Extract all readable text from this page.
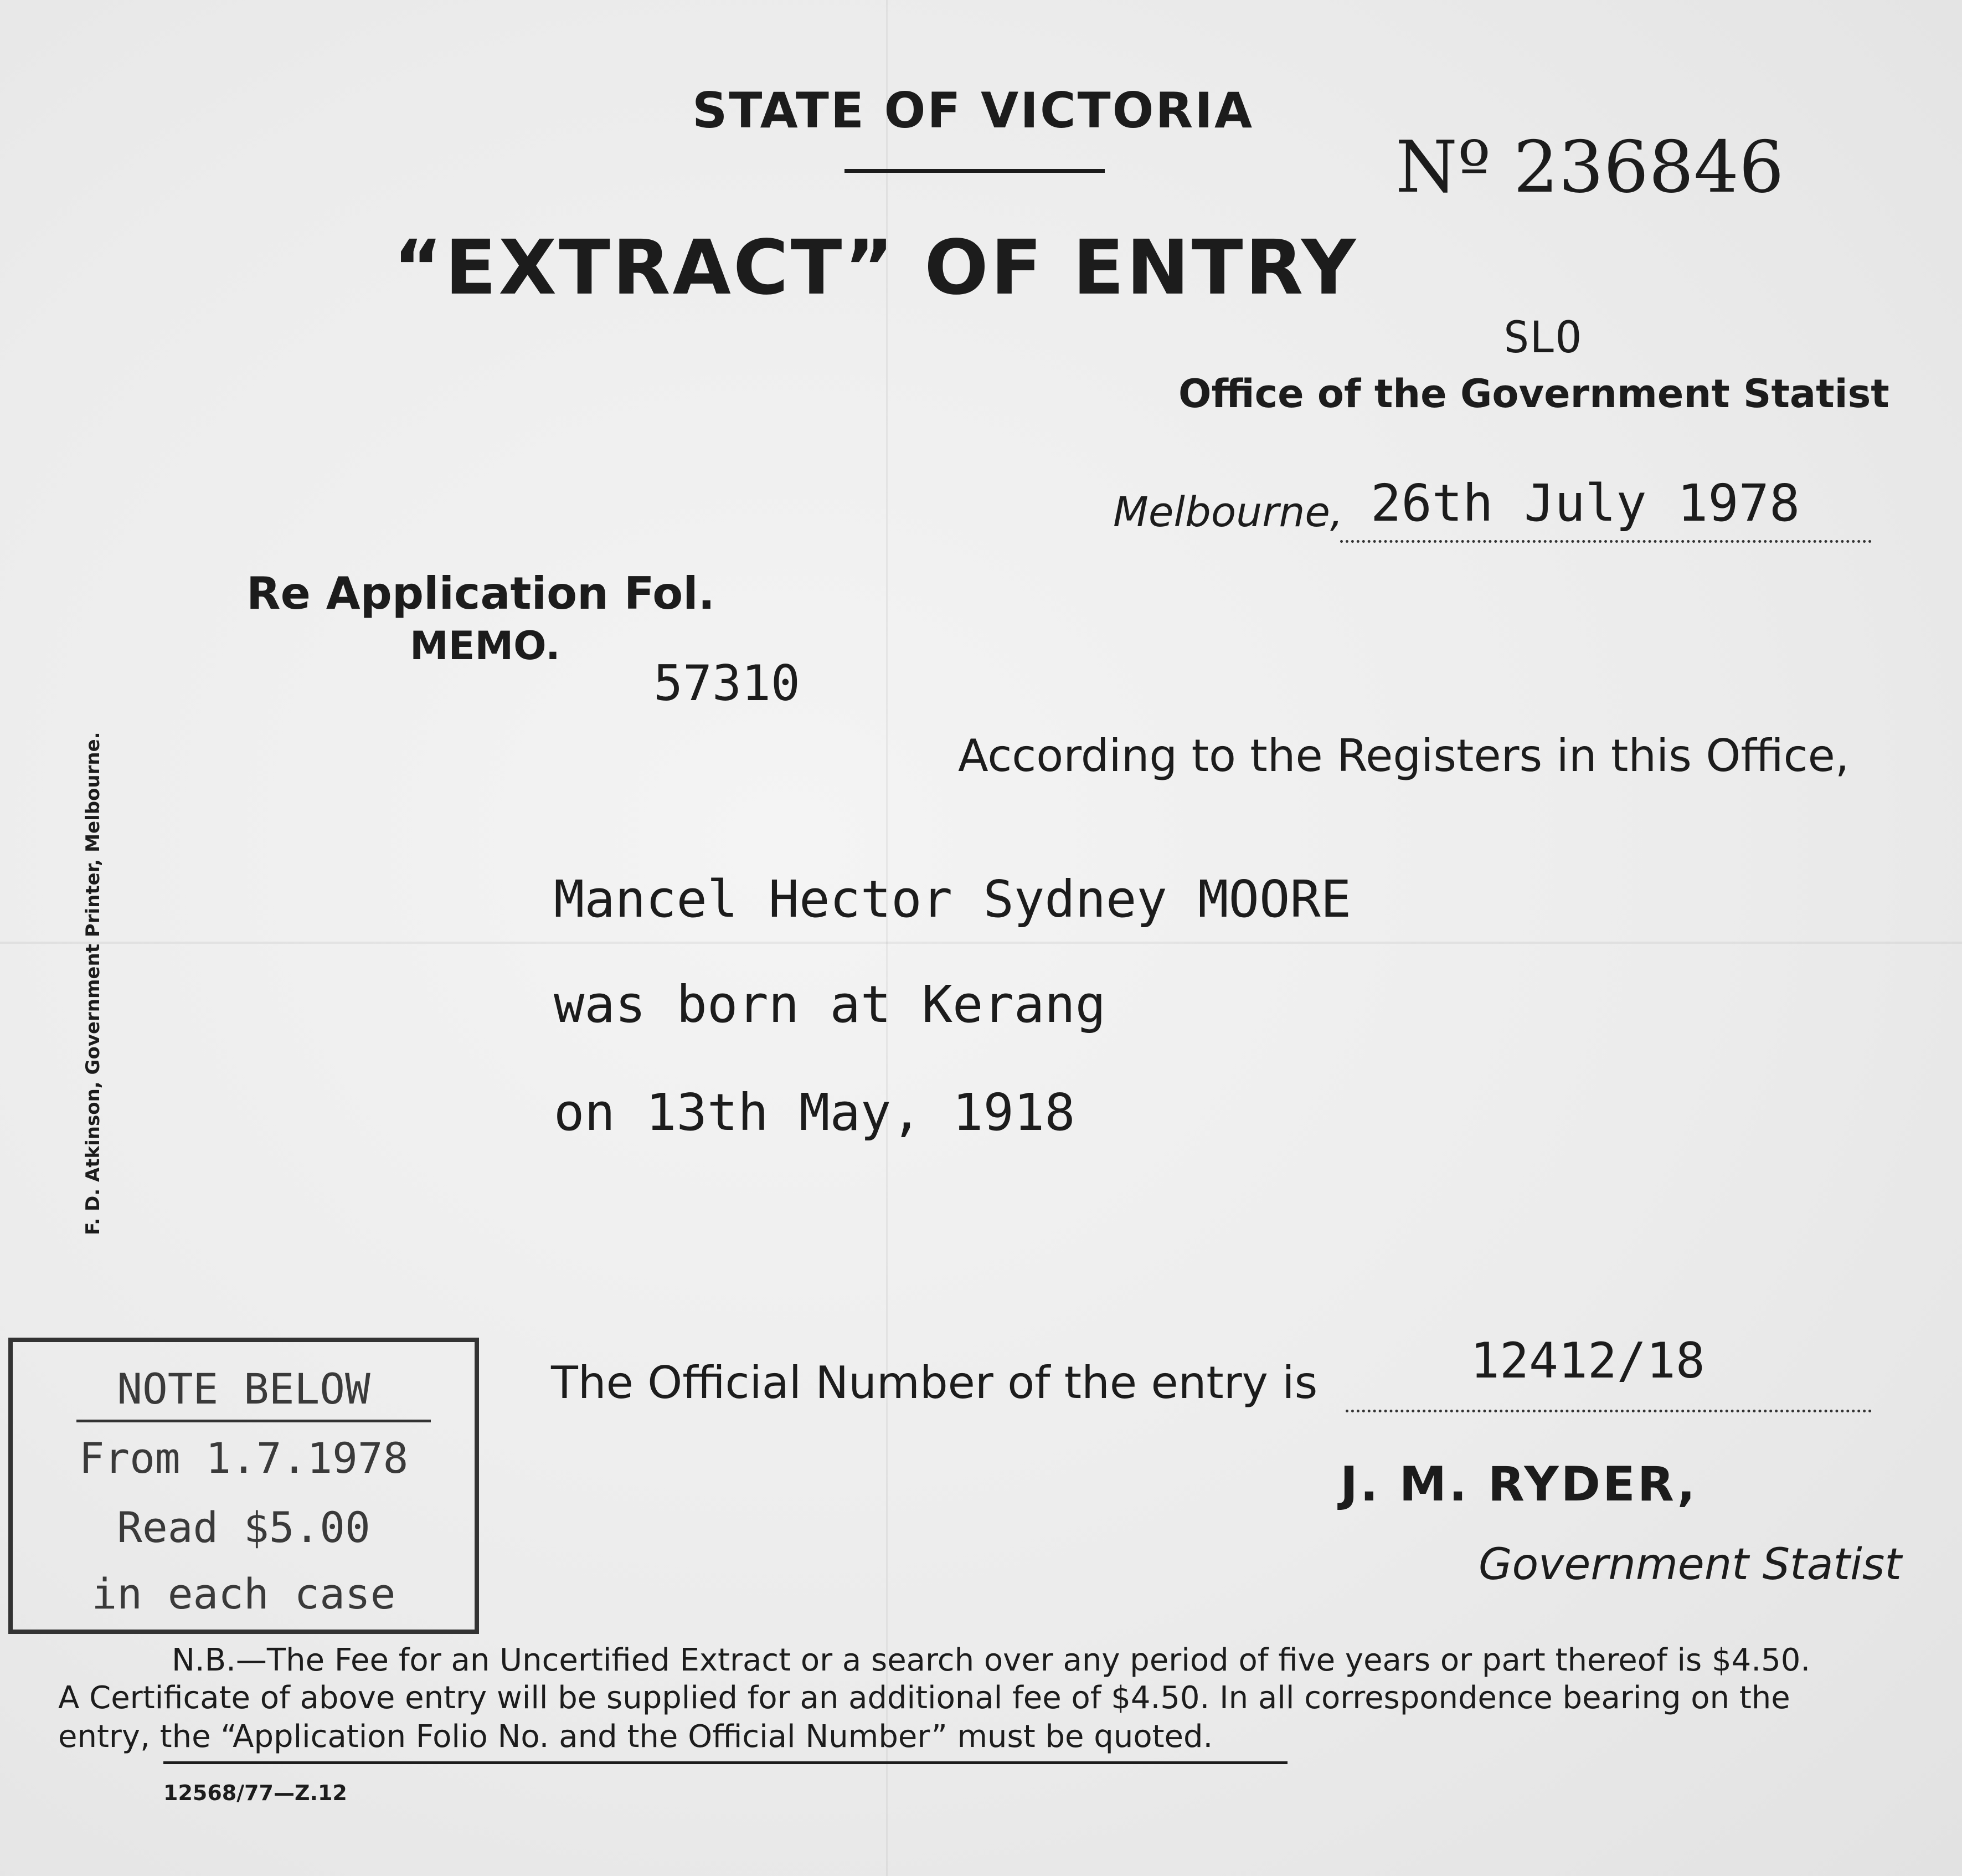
STATE OF VICTORIA
Nº 236846
“EXTRACT” OF ENTRY
SLO
Office of the Government Statist
Melbourne, 26th July 1978
Re Application Fol.
MEMO.
57310
F. D. Atkinson, Government Printer, Melbourne.	According to the Registers in this Office,
Mancel Hector Sydney MOORE
was born at Kerang
on 13th May, 1918
NOTE BELOW
From 1.7.1978
Read $5.00
in each case
The Official Number of the entry is	12412/18
J. M. RYDER,
Government Statist
N.B.—The Fee for an Uncertified Extract or a search over any period of five years or part thereof is $4.50.
A Certificate of above entry will be supplied for an additional fee of $4.50. In all correspondence bearing on the
entry, the “Application Folio No. and the Official Number” must be quoted.
12568/77—Z.12
